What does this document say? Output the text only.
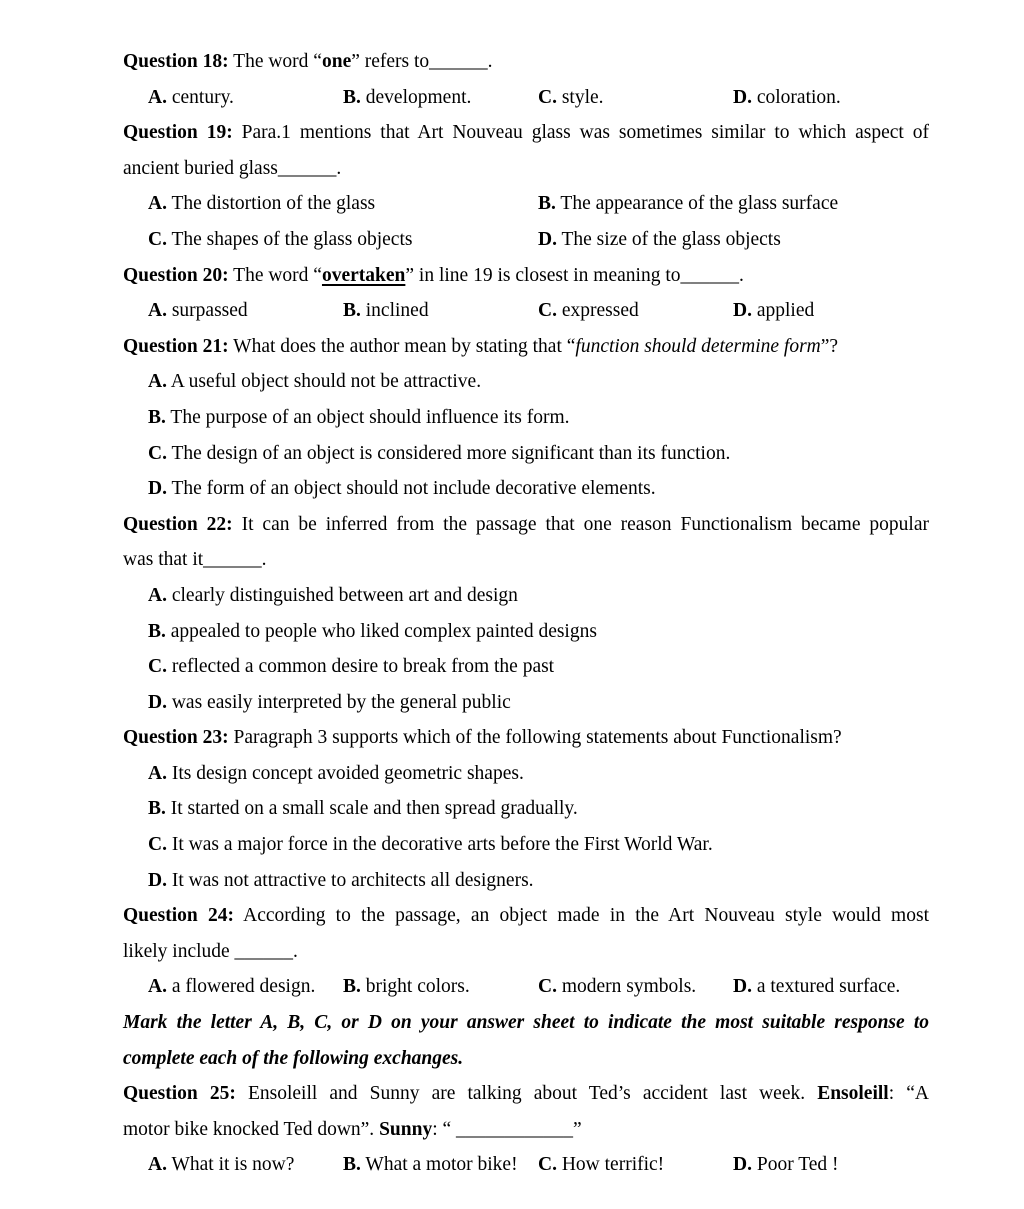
Question 18: The word “one” refers to______.
A. century.	B. development.	C. style.	D. coloration.
Question 19: Para.1 mentions that Art Nouveau glass was sometimes similar to which aspect of
ancient buried glass______.
A. The distortion of the glass	B. The appearance of the glass surface
C. The shapes of the glass objects	D. The size of the glass objects
Question 20: The word “overtaken” in line 19 is closest in meaning to______.
A. surpassed	B. inclined	C. expressed	D. applied
Question 21: What does the author mean by stating that “function should determine form”?
A. A useful object should not be attractive.
B. The purpose of an object should influence its form.
C. The design of an object is considered more significant than its function.
D. The form of an object should not include decorative elements.
Question 22: It can be inferred from the passage that one reason Functionalism became popular
was that it______.
A. clearly distinguished between art and design
B. appealed to people who liked complex painted designs
C. reflected a common desire to break from the past
D. was easily interpreted by the general public
Question 23: Paragraph 3 supports which of the following statements about Functionalism?
A. Its design concept avoided geometric shapes.
B. It started on a small scale and then spread gradually.
C. It was a major force in the decorative arts before the First World War.
D. It was not attractive to architects all designers.
Question 24: According to the passage, an object made in the Art Nouveau style would most
likely include ______.
A. a flowered design.	B. bright colors.	C. modern symbols.	D. a textured surface.
Mark the letter A, B, C, or D on your answer sheet to indicate the most suitable response to
complete each of the following exchanges.
Question 25: Ensoleill and Sunny are talking about Ted’s accident last week. Ensoleill: “A
motor bike knocked Ted down”. Sunny: “ ____________”
A. What it is now?	B. What a motor bike!	C. How terrific!	D. Poor Ted !
